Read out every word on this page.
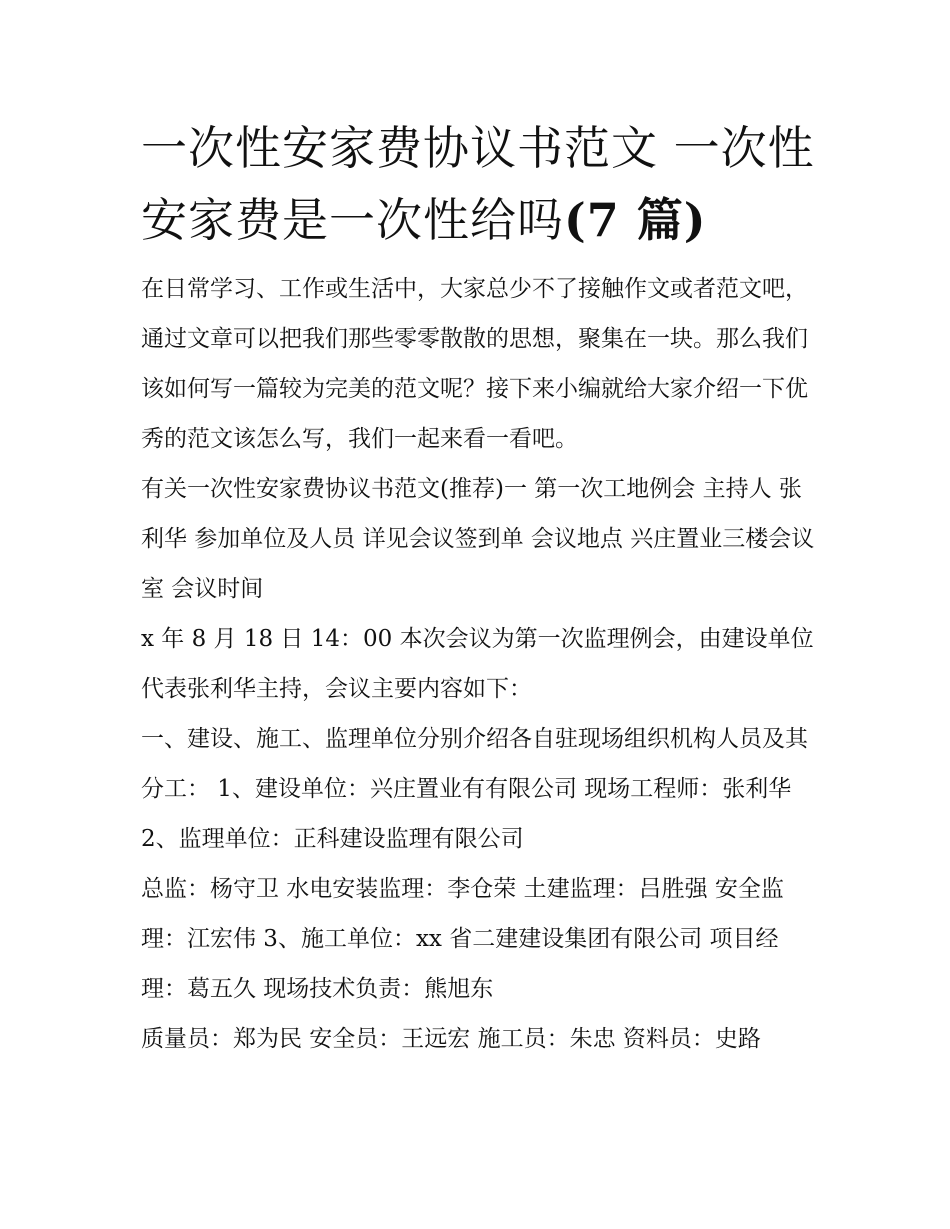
一次性安家费协议书范文 一次性安家费是一次性给吗(7 篇)

在日常学习、工作或生活中，大家总少不了接触作文或者范文吧，通过文章可以把我们那些零零散散的思想，聚集在一块。那么我们该如何写一篇较为完美的范文呢？接下来小编就给大家介绍一下优秀的范文该怎么写，我们一起来看一看吧。

有关一次性安家费协议书范文(推荐)一 第一次工地例会 主持人 张利华 参加单位及人员 详见会议签到单 会议地点 兴庄置业三楼会议室 会议时间

x 年 8 月 18 日 14：00 本次会议为第一次监理例会，由建设单位代表张利华主持，会议主要内容如下：

一、建设、施工、监理单位分别介绍各自驻现场组织机构人员及其分工： 1、建设单位：兴庄置业有有限公司 现场工程师：张利华 2、监理单位：正科建设监理有限公司

总监：杨守卫 水电安装监理：李仓荣 土建监理：吕胜强 安全监理：江宏伟 3、施工单位：xx 省二建建设集团有限公司 项目经理：葛五久 现场技术负责：熊旭东

质量员：郑为民 安全员：王远宏 施工员：朱忠 资料员：史路
